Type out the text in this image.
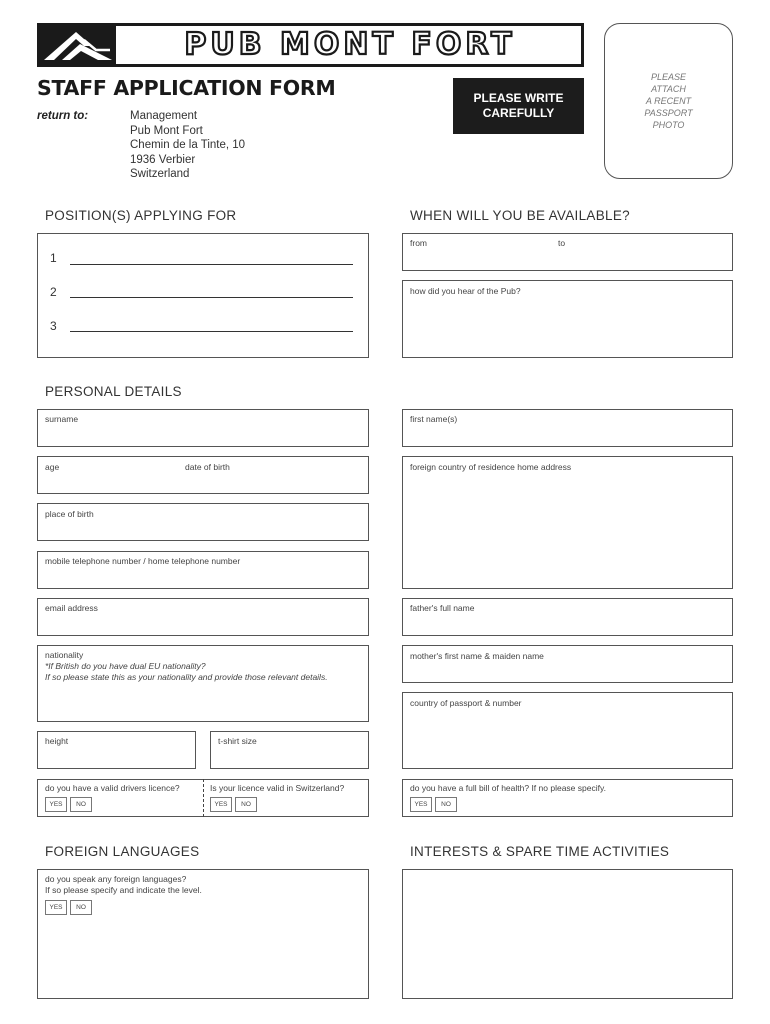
PUB MONT FORT
STAFF APPLICATION FORM
return to:	Management
Pub Mont Fort
Chemin de la Tinte, 10
1936 Verbier
Switzerland
PLEASE WRITE
CAREFULLY
PLEASE
ATTACH
A RECENT
PASSPORT
PHOTO
POSITION(S) APPLYING FOR
1
2
3
WHEN WILL YOU BE AVAILABLE?
from	to
how did you hear of the Pub?
PERSONAL DETAILS
surname
age	date of birth
place of birth
mobile telephone number / home telephone number
email address
nationality
*If British do you have dual EU nationality?
If so please state this as your nationality and provide those relevant details.
height	t-shirt size
do you have a valid drivers licence?
YES	NO
Is your licence valid in Switzerland?
YES	NO
first name(s)
foreign country of residence home address
father's full name
mother's first name & maiden name
country of passport & number
do you have a full bill of health? If no please specify.
YES	NO
FOREIGN LANGUAGES
do you speak any foreign languages?
If so please specify and indicate the level.
YES	NO
INTERESTS & SPARE TIME ACTIVITIES
